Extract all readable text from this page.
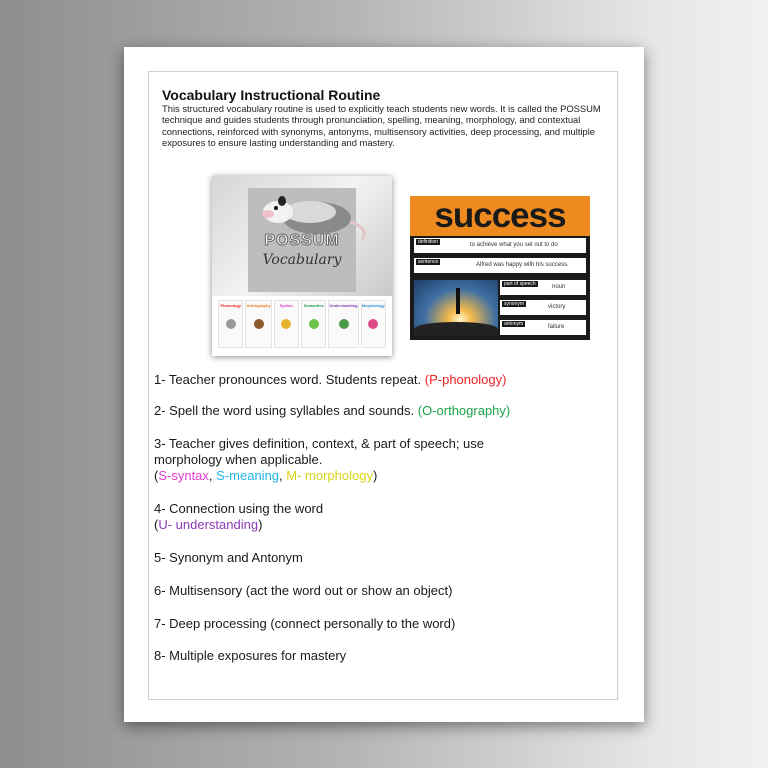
Vocabulary Instructional Routine

This structured vocabulary routine is used to explicitly teach students new words. It is called the POSSUM technique and guides students through pronunciation, spelling, meaning, morphology, and contextual connections, reinforced with synonyms, antonyms, multisensory activities, deep processing, and multiple exposures to ensure lasting understanding and mastery.

POSSUM
Vocabulary
Phonology	Orthography	Syntax	Semantics	Understanding Morphology
success
definition	to achieve what you set out to do
sentence	Alfred was happy with his success.
part of speech	noun
synonym	victory
antonym	failure

1- Teacher pronounces word. Students repeat. (P-phonology)

2- Spell the word using syllables and sounds. (O-orthography)

3- Teacher gives definition, context, & part of speech; use
morphology when applicable.
(S-syntax, S-meaning, M- morphology)

4- Connection using the word
(U- understanding)

5- Synonym and Antonym

6- Multisensory (act the word out or show an object)

7- Deep processing (connect personally to the word)

8- Multiple exposures for mastery
